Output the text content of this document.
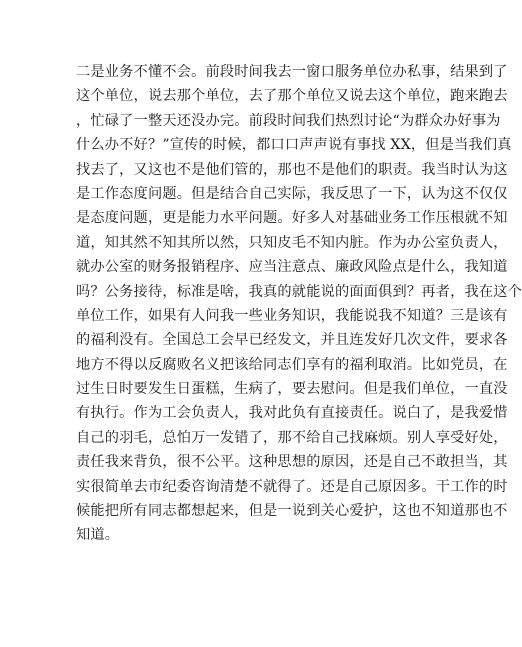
二是业务不懂不会。前段时间我去一窗口服务单位办私事，结果到了
这个单位，说去那个单位，去了那个单位又说去这个单位，跑来跑去
，忙碌了一整天还没办完。前段时间我们热烈讨论“为群众办好事为
什么办不好？”宣传的时候，都口口声声说有事找 XX，但是当我们真
找去了，又这也不是他们管的，那也不是他们的职责。我当时认为这
是工作态度问题。但是结合自己实际，我反思了一下，认为这不仅仅
是态度问题，更是能力水平问题。好多人对基础业务工作压根就不知
道，知其然不知其所以然，只知皮毛不知内脏。作为办公室负责人，
就办公室的财务报销程序、应当注意点、廉政风险点是什么，我知道
吗？公务接待，标准是啥，我真的就能说的面面俱到？再者，我在这个
单位工作，如果有人问我一些业务知识，我能说我不知道？三是该有
的福利没有。全国总工会早已经发文，并且连发好几次文件，要求各
地方不得以反腐败名义把该给同志们享有的福利取消。比如党员，在
过生日时要发生日蛋糕，生病了，要去慰问。但是我们单位，一直没
有执行。作为工会负责人，我对此负有直接责任。说白了，是我爱惜
自己的羽毛，总怕万一发错了，那不给自己找麻烦。别人享受好处，
责任我来背负，很不公平。这种思想的原因，还是自己不敢担当，其
实很简单去市纪委咨询清楚不就得了。还是自己原因多。干工作的时
候能把所有同志都想起来，但是一说到关心爱护，这也不知道那也不
知道。
